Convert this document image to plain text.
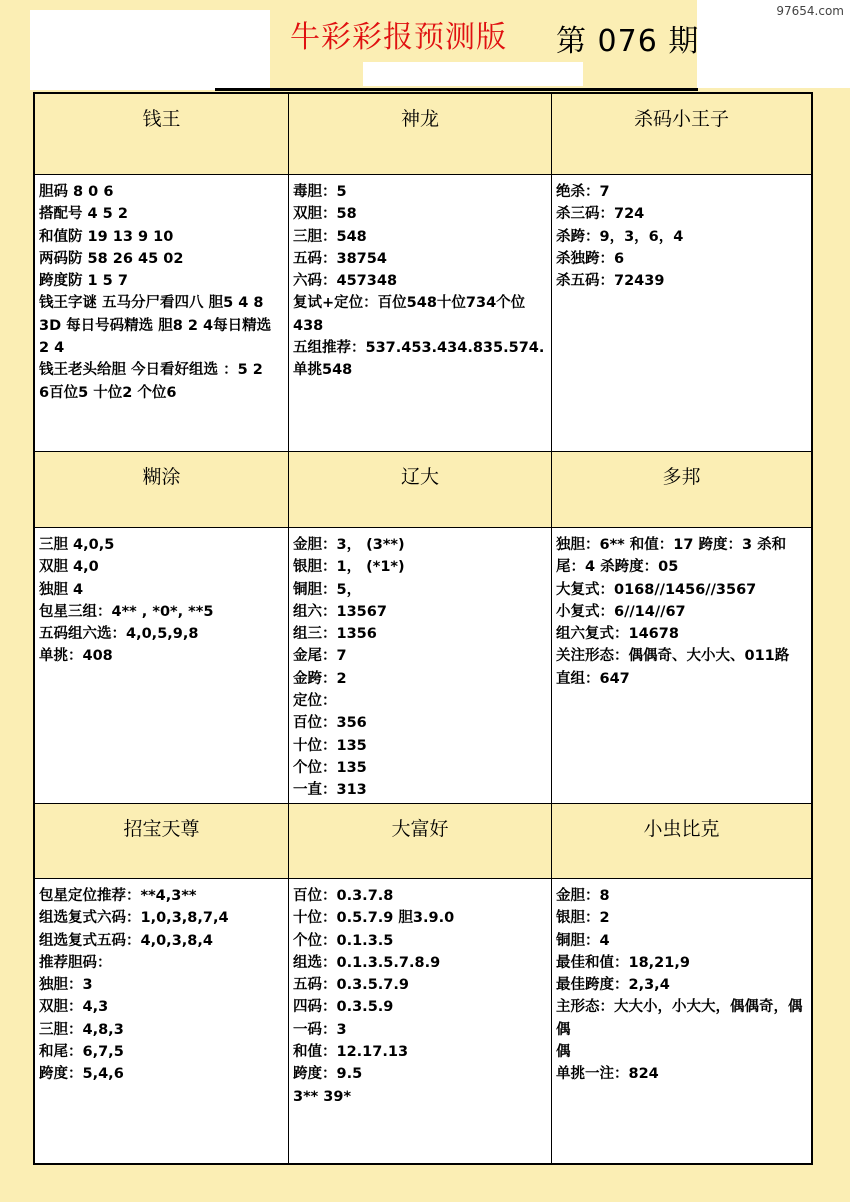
97654.com
牛彩彩报预测版 第 076 期
钱王	神龙	杀码小王子
胆码 8 0 6
搭配号 4 5 2
和值防 19 13 9 10
两码防 58 26 45 02
跨度防 1 5 7
钱王字谜 五马分尸看四八 胆5 4 8
3D 每日号码精选 胆8 2 4每日精选
2 4
钱王老头给胆 今日看好组选 ：5 2
6百位5 十位2 个位6
毒胆：5
双胆：58
三胆：548
五码：38754
六码：457348
复试+定位：百位548十位734个位
438
五组推荐：537.453.434.835.574.
单挑548
绝杀：7
杀三码：724
杀跨：9，3，6，4
杀独跨：6
杀五码：72439
糊涂	辽大	多邦
三胆 4,0,5
双胆 4,0
独胆 4
包星三组：4** , *0*, **5
五码组六选：4,0,5,9,8
单挑：408
金胆：3， (3**)
银胆：1， (*1*)
铜胆：5，
组六：13567
组三：1356
金尾：7
金跨：2
定位：
百位：356
十位：135
个位：135
一直：313
独胆：6** 和值：17 跨度：3 杀和
尾：4 杀跨度：05
大复式：0168//1456//3567
小复式：6//14//67
组六复式：14678
关注形态：偶偶奇、大小大、011路
直组：647
招宝天尊	大富好	小虫比克
包星定位推荐：**4,3**
组选复式六码：1,0,3,8,7,4
组选复式五码：4,0,3,8,4
推荐胆码：
独胆：3
双胆：4,3
三胆：4,8,3
和尾：6,7,5
跨度：5,4,6
百位：0.3.7.8
十位：0.5.7.9 胆3.9.0
个位：0.1.3.5
组选：0.1.3.5.7.8.9
五码：0.3.5.7.9
四码：0.3.5.9
一码：3
和值：12.17.13
跨度：9.5
3** 39*
金胆：8
银胆：2
铜胆：4
最佳和值：18,21,9
最佳跨度：2,3,4
主形态：大大小，小大大，偶偶奇，偶偶
偶
单挑一注：824
